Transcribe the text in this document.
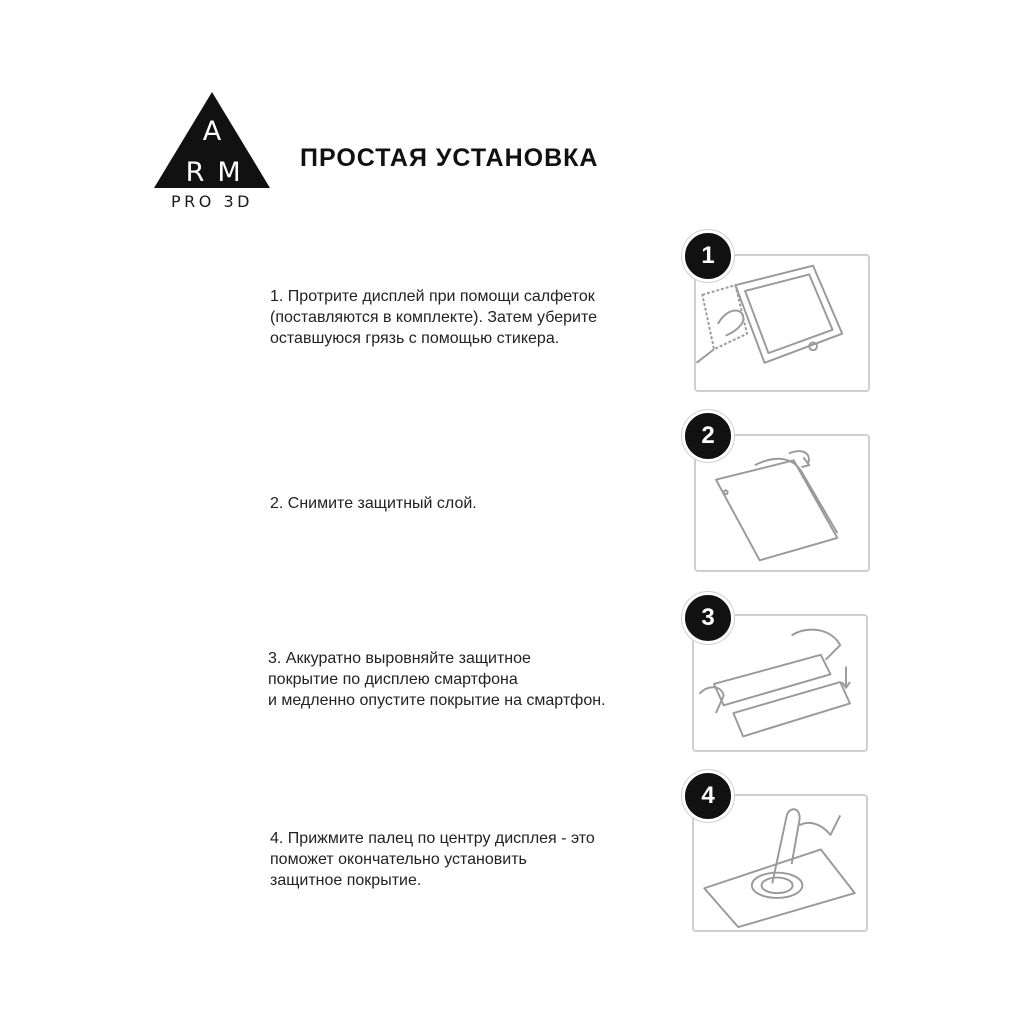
A
R M
PRO 3D
ПРОСТАЯ УСТАНОВКА
1. Протрите дисплей при помощи салфеток
(поставляются в комплекте). Затем уберите
оставшуюся грязь с помощью стикера.
2. Снимите защитный слой.
3. Аккуратно выровняйте защитное
покрытие по дисплею смартфона
и медленно опустите покрытие на смартфон.
4. Прижмите палец по центру дисплея - это
поможет окончательно установить
защитное покрытие.
1
2
3
4
